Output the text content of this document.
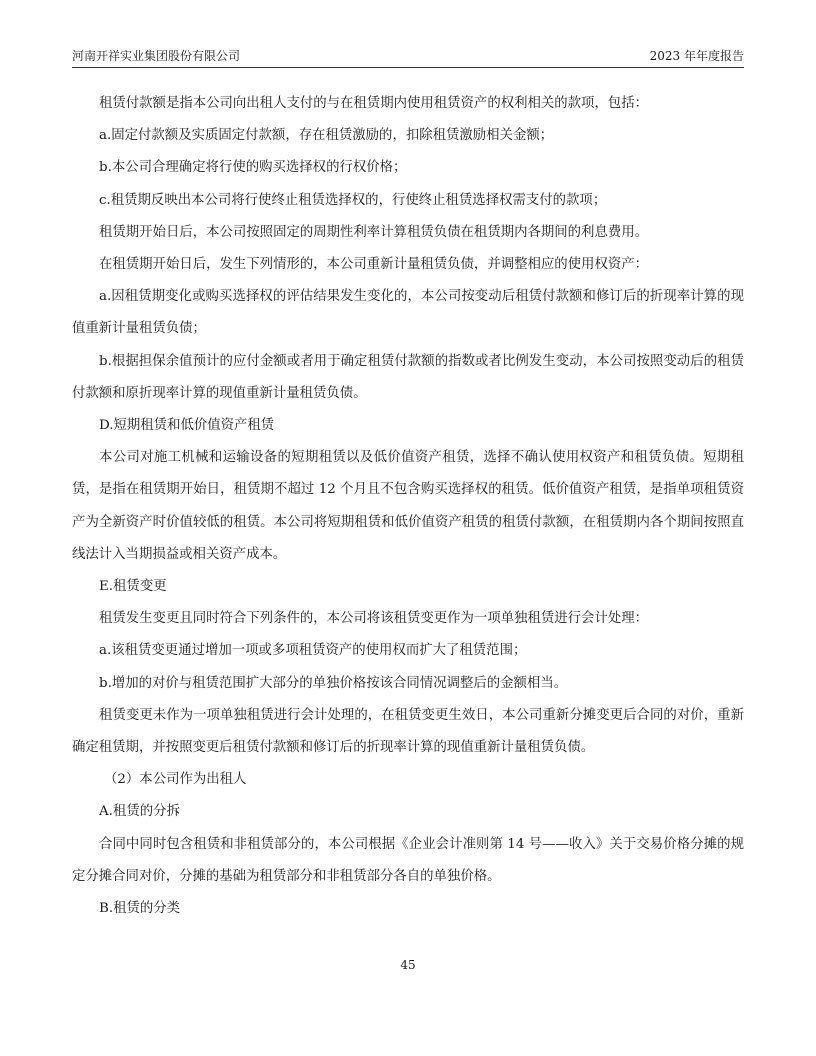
河南开祥实业集团股份有限公司	2023 年年度报告

租赁付款额是指本公司向出租人支付的与在租赁期内使用租赁资产的权利相关的款项，包括：

a.固定付款额及实质固定付款额，存在租赁激励的，扣除租赁激励相关金额；

b.本公司合理确定将行使的购买选择权的行权价格；

c.租赁期反映出本公司将行使终止租赁选择权的，行使终止租赁选择权需支付的款项；

租赁期开始日后，本公司按照固定的周期性利率计算租赁负债在租赁期内各期间的利息费用。

在租赁期开始日后，发生下列情形的，本公司重新计量租赁负债，并调整相应的使用权资产：

a.因租赁期变化或购买选择权的评估结果发生变化的，本公司按变动后租赁付款额和修订后的折现率计算的现值重新计量租赁负债；

b.根据担保余值预计的应付金额或者用于确定租赁付款额的指数或者比例发生变动，本公司按照变动后的租赁付款额和原折现率计算的现值重新计量租赁负债。

D.短期租赁和低价值资产租赁

本公司对施工机械和运输设备的短期租赁以及低价值资产租赁，选择不确认使用权资产和租赁负债。短期租赁，是指在租赁期开始日，租赁期不超过 12 个月且不包含购买选择权的租赁。低价值资产租赁，是指单项租赁资产为全新资产时价值较低的租赁。本公司将短期租赁和低价值资产租赁的租赁付款额，在租赁期内各个期间按照直线法计入当期损益或相关资产成本。

E.租赁变更

租赁发生变更且同时符合下列条件的，本公司将该租赁变更作为一项单独租赁进行会计处理：

a.该租赁变更通过增加一项或多项租赁资产的使用权而扩大了租赁范围；

b.增加的对价与租赁范围扩大部分的单独价格按该合同情况调整后的金额相当。

租赁变更未作为一项单独租赁进行会计处理的，在租赁变更生效日，本公司重新分摊变更后合同的对价，重新确定租赁期，并按照变更后租赁付款额和修订后的折现率计算的现值重新计量租赁负债。

（2）本公司作为出租人

A.租赁的分拆

合同中同时包含租赁和非租赁部分的，本公司根据《企业会计准则第 14 号——收入》关于交易价格分摊的规定分摊合同对价，分摊的基础为租赁部分和非租赁部分各自的单独价格。

B.租赁的分类

45
